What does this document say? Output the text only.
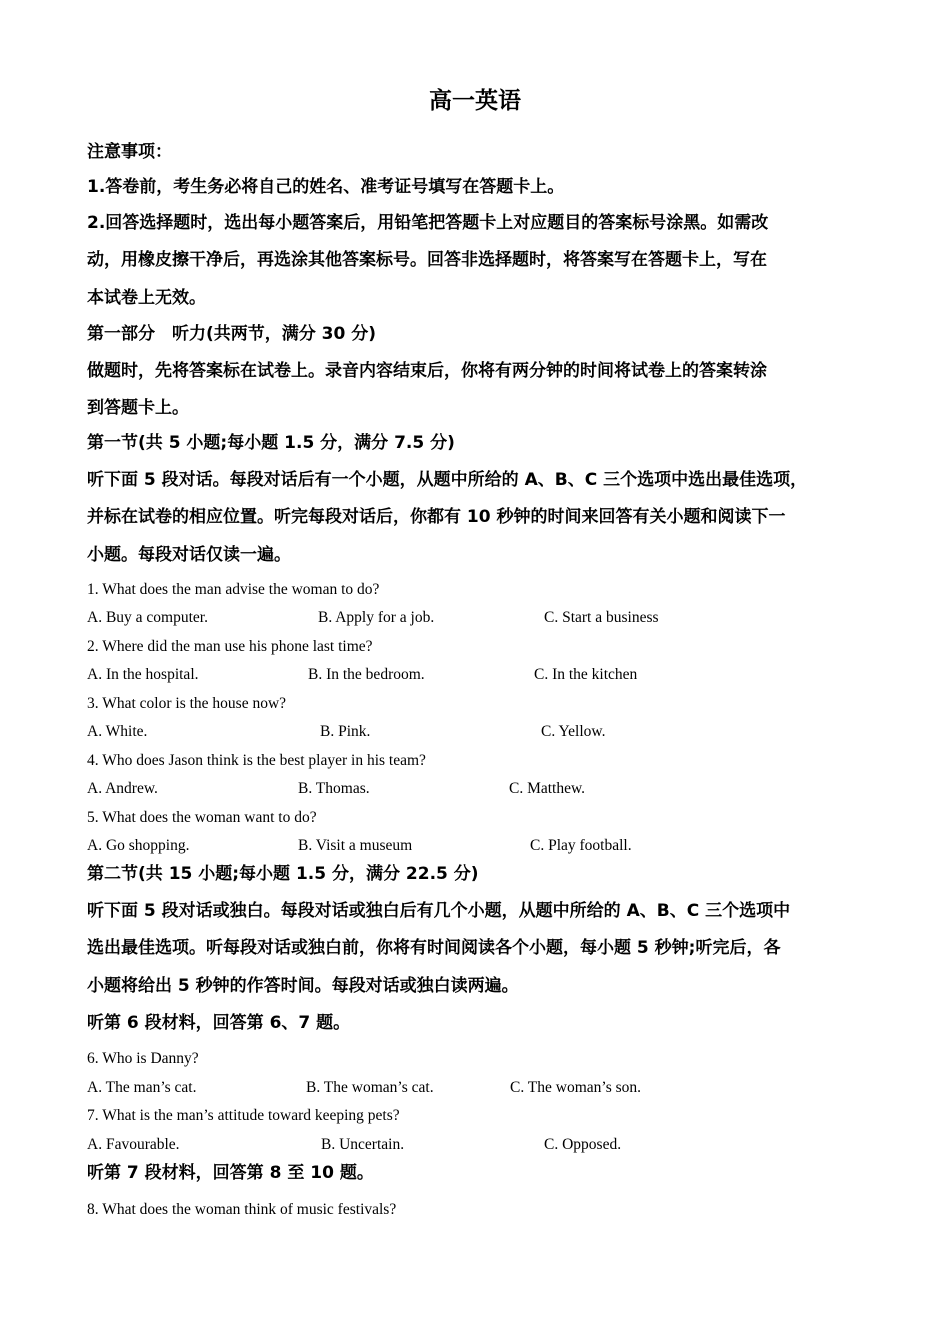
高一英语
注意事项：
1.答卷前，考生务必将自己的姓名、准考证号填写在答题卡上。
2.回答选择题时，选出每小题答案后，用铅笔把答题卡上对应题目的答案标号涂黑。如需改
动，用橡皮擦干净后，再选涂其他答案标号。回答非选择题时，将答案写在答题卡上，写在
本试卷上无效。
第一部分　听力(共两节，满分 30 分)
做题时，先将答案标在试卷上。录音内容结束后，你将有两分钟的时间将试卷上的答案转涂
到答题卡上。
第一节(共 5 小题;每小题 1.5 分，满分 7.5 分)
听下面 5 段对话。每段对话后有一个小题，从题中所给的 A、B、C 三个选项中选出最佳选项，
并标在试卷的相应位置。听完每段对话后，你都有 10 秒钟的时间来回答有关小题和阅读下一
小题。每段对话仅读一遍。
1. What does the man advise the woman to do?
A. Buy a computer.	B. Apply for a job.	C. Start a business
2. Where did the man use his phone last time?
A. In the hospital.	B. In the bedroom.	C. In the kitchen
3. What color is the house now?
A. White.	B. Pink.	C. Yellow.
4. Who does Jason think is the best player in his team?
A. Andrew.	B. Thomas.	C. Matthew.
5. What does the woman want to do?
A. Go shopping.	B. Visit a museum	C. Play football.
第二节(共 15 小题;每小题 1.5 分，满分 22.5 分)
听下面 5 段对话或独白。每段对话或独白后有几个小题，从题中所给的 A、B、C 三个选项中
选出最佳选项。听每段对话或独白前，你将有时间阅读各个小题，每小题 5 秒钟;听完后，各
小题将给出 5 秒钟的作答时间。每段对话或独白读两遍。
听第 6 段材料，回答第 6、7 题。
6. Who is Danny?
A. The man’s cat.	B. The woman’s cat.	C. The woman’s son.
7. What is the man’s attitude toward keeping pets?
A. Favourable.	B. Uncertain.	C. Opposed.
听第 7 段材料，回答第 8 至 10 题。
8. What does the woman think of music festivals?
